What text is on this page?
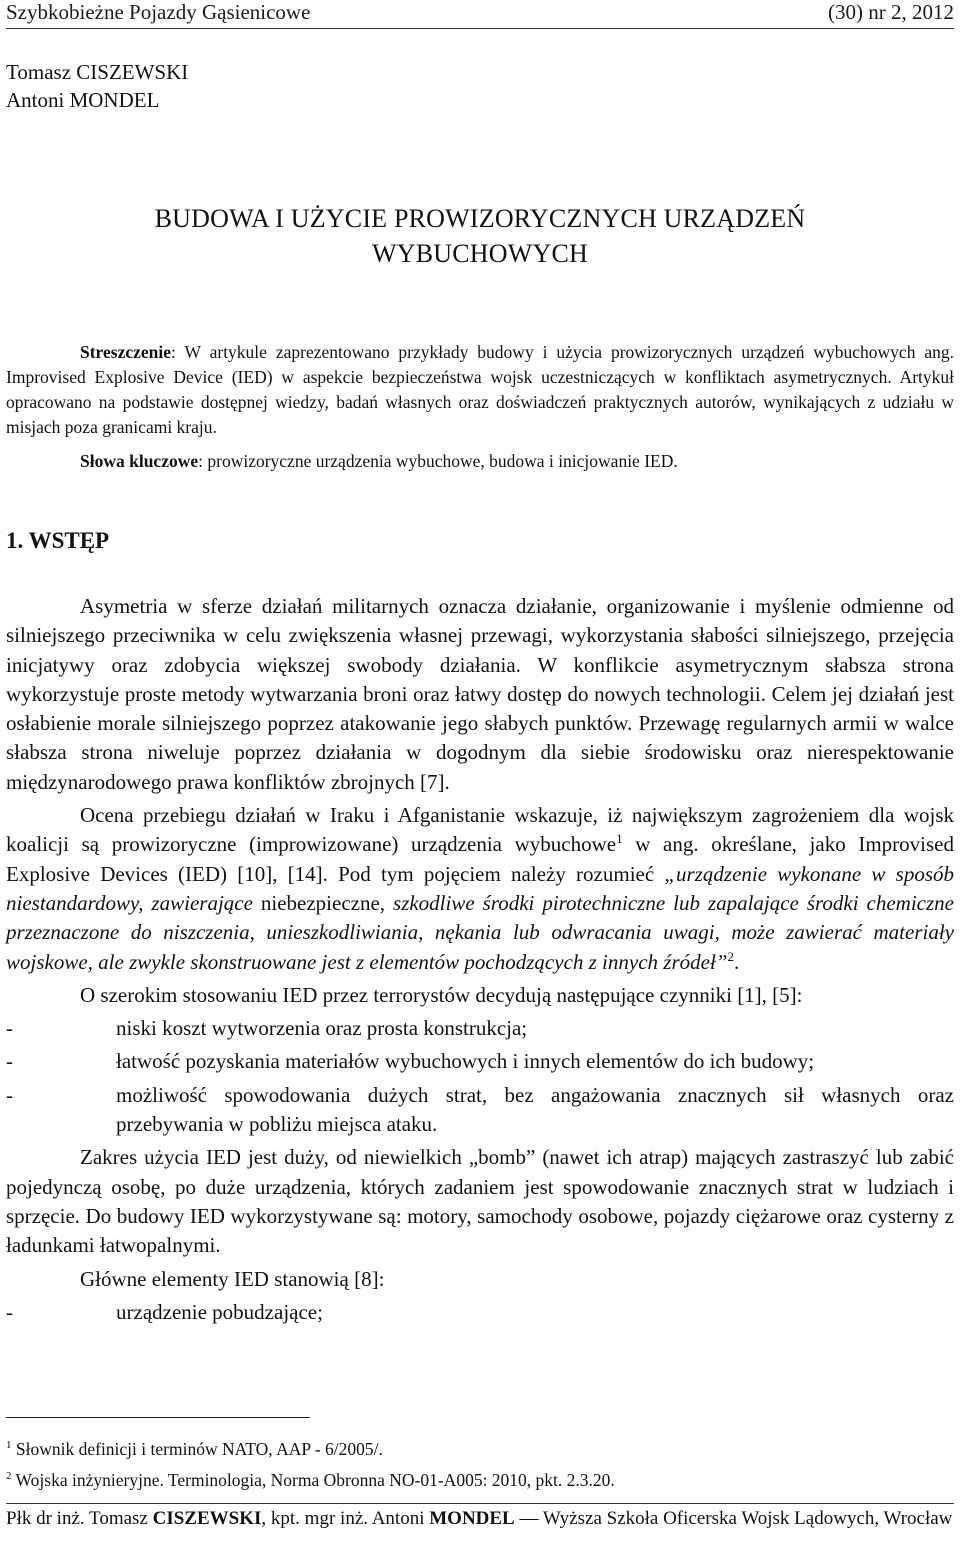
Szybkobieżne Pojazdy Gąsienicowe	(30) nr 2, 2012
Tomasz CISZEWSKI
Antoni MONDEL
BUDOWA I UŻYCIE PROWIZORYCZNYCH URZĄDZEŃ
WYBUCHOWYCH

Streszczenie: W artykule zaprezentowano przykłady budowy i użycia prowizorycznych urządzeń wybuchowych ang. Improvised Explosive Device (IED) w aspekcie bezpieczeństwa wojsk uczestniczących w konfliktach asymetrycznych. Artykuł opracowano na podstawie dostępnej wiedzy, badań własnych oraz doświadczeń praktycznych autorów, wynikających z udziału w misjach poza granicami kraju.

Słowa kluczowe: prowizoryczne urządzenia wybuchowe, budowa i inicjowanie IED.
1. WSTĘP

Asymetria w sferze działań militarnych oznacza działanie, organizowanie i myślenie odmienne od silniejszego przeciwnika w celu zwiększenia własnej przewagi, wykorzystania słabości silniejszego, przejęcia inicjatywy oraz zdobycia większej swobody działania. W konflikcie asymetrycznym słabsza strona wykorzystuje proste metody wytwarzania broni oraz łatwy dostęp do nowych technologii. Celem jej działań jest osłabienie morale silniejszego poprzez atakowanie jego słabych punktów. Przewagę regularnych armii w walce słabsza strona niweluje poprzez działania w dogodnym dla siebie środowisku oraz nierespektowanie międzynarodowego prawa konfliktów zbrojnych [7].

Ocena przebiegu działań w Iraku i Afganistanie wskazuje, iż największym zagrożeniem dla wojsk koalicji są prowizoryczne (improwizowane) urządzenia wybuchowe$^1$ w ang. określane, jako Improvised Explosive Devices (IED) [10], [14]. Pod tym pojęciem należy rozumieć „urządzenie wykonane w sposób niestandardowy, zawierające niebezpieczne, szkodliwe środki pirotechniczne lub zapalające środki chemiczne przeznaczone do niszczenia, unieszkodliwiania, nękania lub odwracania uwagi, może zawierać materiały wojskowe, ale zwykle skonstruowane jest z elementów pochodzących z innych źródeł”$^2$.

O szerokim stosowaniu IED przez terrorystów decydują następujące czynniki [1], [5]:

-	niski koszt wytworzenia oraz prosta konstrukcja;
-	łatwość pozyskania materiałów wybuchowych i innych elementów do ich budowy;
-	możliwość spowodowania dużych strat, bez angażowania znacznych sił własnych oraz przebywania w pobliżu miejsca ataku.

Zakres użycia IED jest duży, od niewielkich „bomb” (nawet ich atrap) mających zastraszyć lub zabić pojedynczą osobę, po duże urządzenia, których zadaniem jest spowodowanie znacznych strat w ludziach i sprzęcie. Do budowy IED wykorzystywane są: motory, samochody osobowe, pojazdy ciężarowe oraz cysterny z ładunkami łatwopalnymi.

Główne elementy IED stanowią [8]:

-	urządzenie pobudzające;
$^1$ Słownik definicji i terminów NATO, AAP - 6/2005/.
$^2$ Wojska inżynieryjne. Terminologia, Norma Obronna NO-01-A005: 2010, pkt. 2.3.20.
Płk dr inż. Tomasz CISZEWSKI, kpt. mgr inż. Antoni MONDEL — Wyższa Szkoła Oficerska Wojsk Lądowych, Wrocław
